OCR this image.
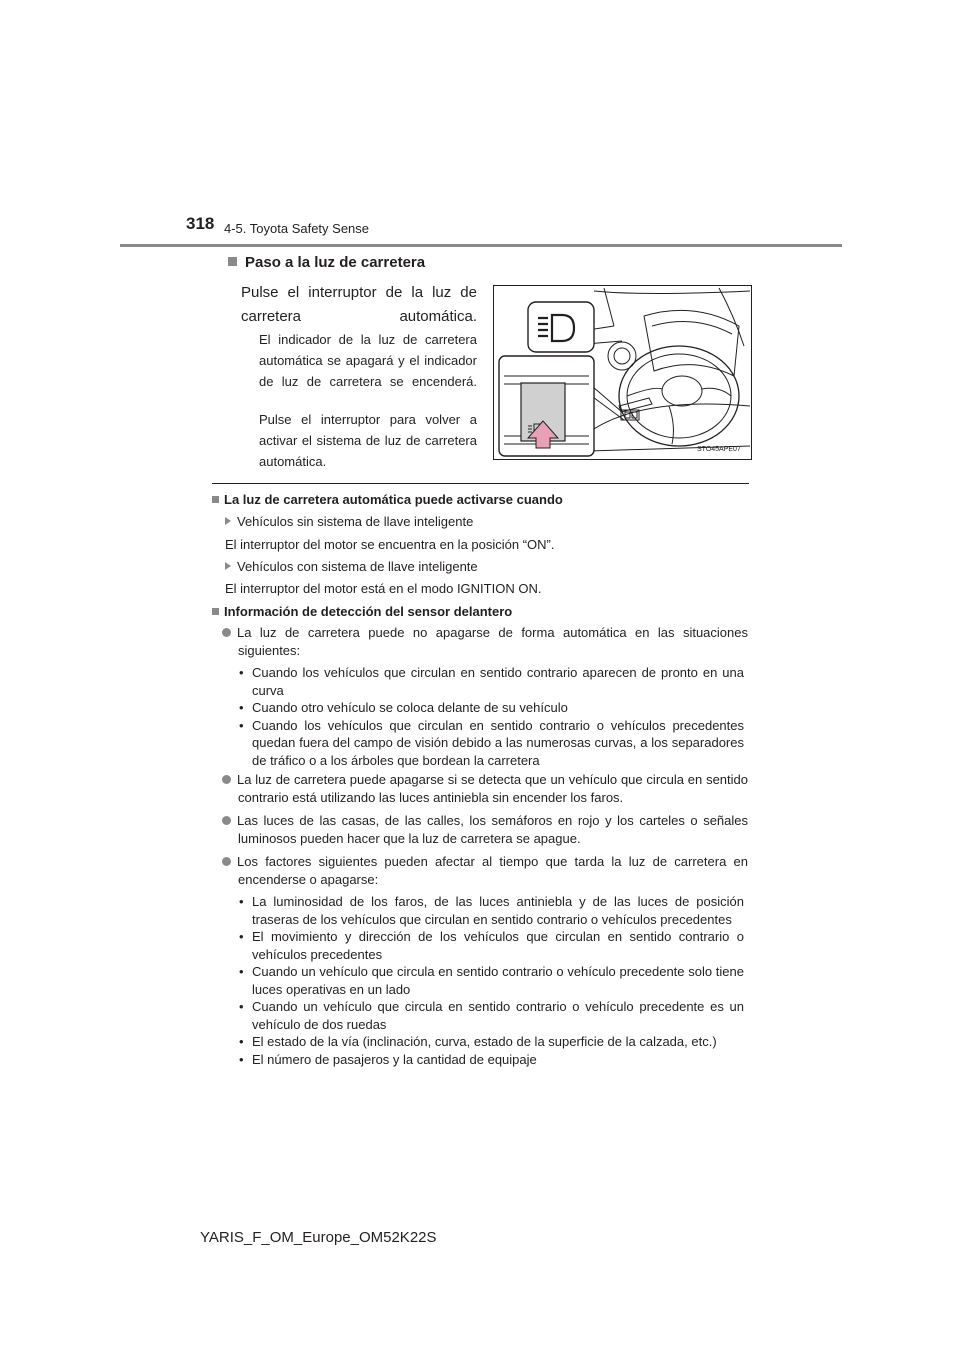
318 4-5. Toyota Safety Sense
Paso a la luz de carretera
Pulse el interruptor de la luz de carretera automática.
El indicador de la luz de carretera automática se apagará y el indicador de luz de carretera se encenderá.
Pulse el interruptor para volver a activar el sistema de luz de carretera automática.
STO45APE07
La luz de carretera automática puede activarse cuando
Vehículos sin sistema de llave inteligente
El interruptor del motor se encuentra en la posición “ON”.
Vehículos con sistema de llave inteligente
El interruptor del motor está en el modo IGNITION ON.
Información de detección del sensor delantero
La luz de carretera puede no apagarse de forma automática en las situaciones siguientes:
• Cuando los vehículos que circulan en sentido contrario aparecen de pronto en una curva
• Cuando otro vehículo se coloca delante de su vehículo
• Cuando los vehículos que circulan en sentido contrario o vehículos precedentes quedan fuera del campo de visión debido a las numerosas curvas, a los separadores de tráfico o a los árboles que bordean la carretera
La luz de carretera puede apagarse si se detecta que un vehículo que circula en sentido contrario está utilizando las luces antiniebla sin encender los faros.
Las luces de las casas, de las calles, los semáforos en rojo y los carteles o señales luminosos pueden hacer que la luz de carretera se apague.
Los factores siguientes pueden afectar al tiempo que tarda la luz de carretera en encenderse o apagarse:
• La luminosidad de los faros, de las luces antiniebla y de las luces de posición traseras de los vehículos que circulan en sentido contrario o vehículos precedentes
• El movimiento y dirección de los vehículos que circulan en sentido contrario o vehículos precedentes
• Cuando un vehículo que circula en sentido contrario o vehículo precedente solo tiene luces operativas en un lado
• Cuando un vehículo que circula en sentido contrario o vehículo precedente es un vehículo de dos ruedas
• El estado de la vía (inclinación, curva, estado de la superficie de la calzada, etc.)
• El número de pasajeros y la cantidad de equipaje
YARIS_F_OM_Europe_OM52K22S
